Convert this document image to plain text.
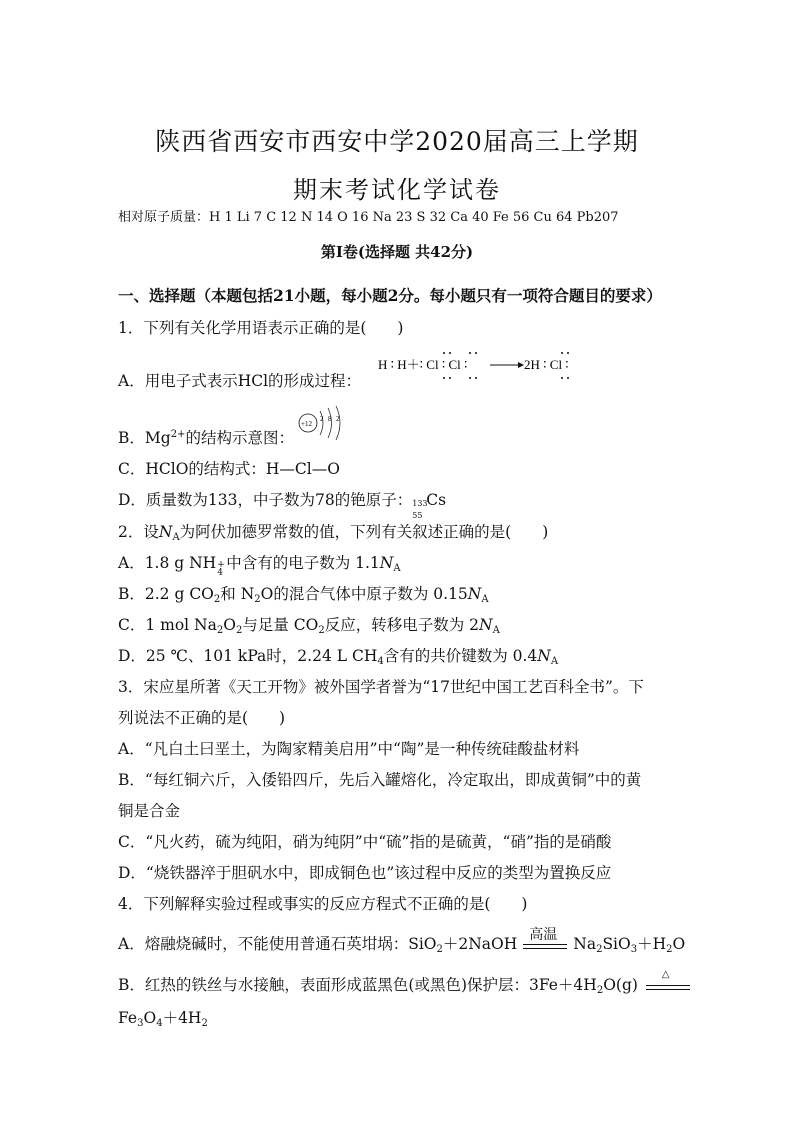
陕西省西安市西安中学2020届高三上学期
期末考试化学试卷
相对原子质量：H 1 Li 7 C 12 N 14 O 16 Na 23 S 32 Ca 40 Fe 56 Cu 64 Pb207
第Ⅰ卷(选择题 共42分)
一、选择题（本题包括21小题，每小题2分。每小题只有一项符合题目的要求）
1．下列有关化学用语表示正确的是(　　)
A．用电子式表示HCl的形成过程：
H ∶ H＋∶ Cl ∶ Cl ∶	2H ∶ Cl ∶
B．$Mg^{2+}$的结构示意图：
+12
2 8 2
C．HClO的结构式：H—Cl—O
D．质量数为133，中子数为78的铯原子： 133
55
Cs
2．设$N_A$为阿伏加德罗常数的值，下列有关叙述正确的是(　　)
A．1.8 g NH +
4
中含有的电子数为 $1.1N_A$
B．2.2 g $CO_2$和 $N_2O$的混合气体中原子数为 $0.15N_A$
C．1 mol $Na_2O_2$与足量 $CO_2$反应，转移电子数为 $2N_A$
D．25 ℃、101 kPa时，2.24 L $CH_4$含有的共价键数为 $0.4N_A$
3．宋应星所著《天工开物》被外国学者誉为“17世纪中国工艺百科全书”。下
列说法不正确的是(　　)
A．“凡白土曰垩土，为陶家精美启用”中“陶”是一种传统硅酸盐材料
B．“每红铜六斤，入倭铅四斤，先后入罐熔化，冷定取出，即成黄铜”中的黄
铜是合金
C．“凡火药，硫为纯阳，硝为纯阴”中“硫”指的是硫黄，“硝”指的是硝酸
D．“烧铁器淬于胆矾水中，即成铜色也”该过程中反应的类型为置换反应
4．下列解释实验过程或事实的反应方程式不正确的是(　　)
A．熔融烧碱时，不能使用普通石英坩埚：SiO$_2$＋2NaOH
高温
$Na_2SiO_3+H_2O$
B．红热的铁丝与水接触，表面形成蓝黑色(或黑色)保护层：$3Fe+4H_2O(g)$
△
$Fe_3O_4+4H_2$
